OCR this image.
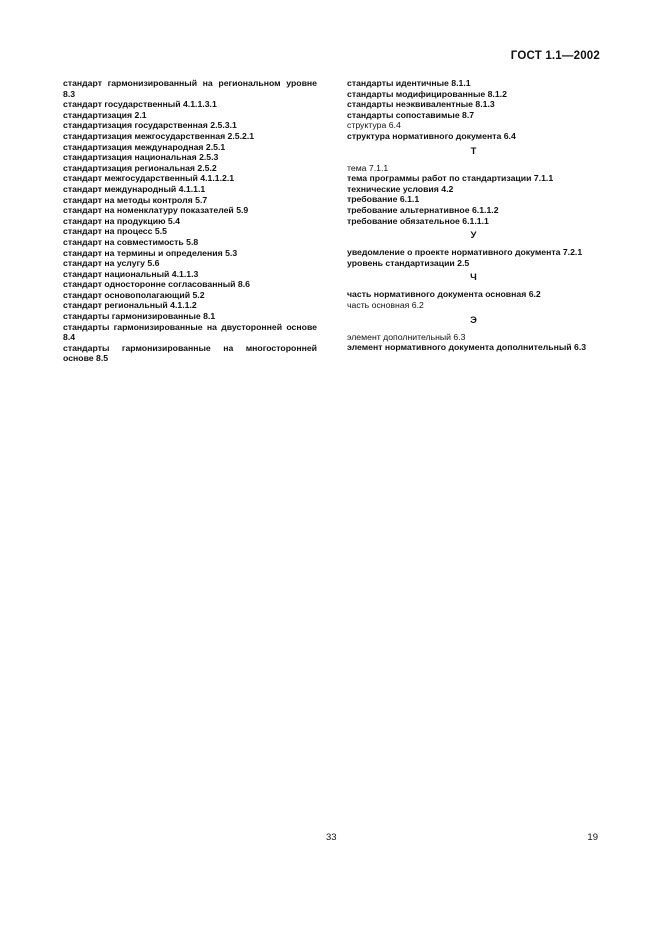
ГОСТ 1.1—2002

стандарт гармонизированный на региональном уровне 8.3

стандарт государственный 4.1.1.3.1

стандартизация 2.1

стандартизация государственная 2.5.3.1

стандартизация межгосударственная 2.5.2.1

стандартизация международная 2.5.1

стандартизация национальная 2.5.3

стандартизация региональная 2.5.2

стандарт межгосударственный 4.1.1.2.1

стандарт международный 4.1.1.1

стандарт на методы контроля 5.7

стандарт на номенклатуру показателей 5.9

стандарт на продукцию 5.4

стандарт на процесс 5.5

стандарт на совместимость 5.8

стандарт на термины и определения 5.3

стандарт на услугу 5.6

стандарт национальный 4.1.1.3

стандарт односторонне согласованный 8.6

стандарт основополагающий 5.2

стандарт региональный 4.1.1.2

стандарты гармонизированные 8.1

стандарты гармонизированные на двусторонней основе 8.4

стандарты гармонизированные на многосторонней основе 8.5

стандарты идентичные 8.1.1

стандарты модифицированные 8.1.2

стандарты неэквивалентные 8.1.3

стандарты сопоставимые 8.7

структура 6.4

структура нормативного документа 6.4

Т

тема 7.1.1

тема программы работ по стандартизации 7.1.1

технические условия 4.2

требование 6.1.1

требование альтернативное 6.1.1.2

требование обязательное 6.1.1.1

У

уведомление о проекте нормативного документа 7.2.1

уровень стандартизации 2.5

Ч

часть нормативного документа основная 6.2

часть основная 6.2

Э

элемент дополнительный 6.3

элемент нормативного документа дополнительный 6.3

33	19
